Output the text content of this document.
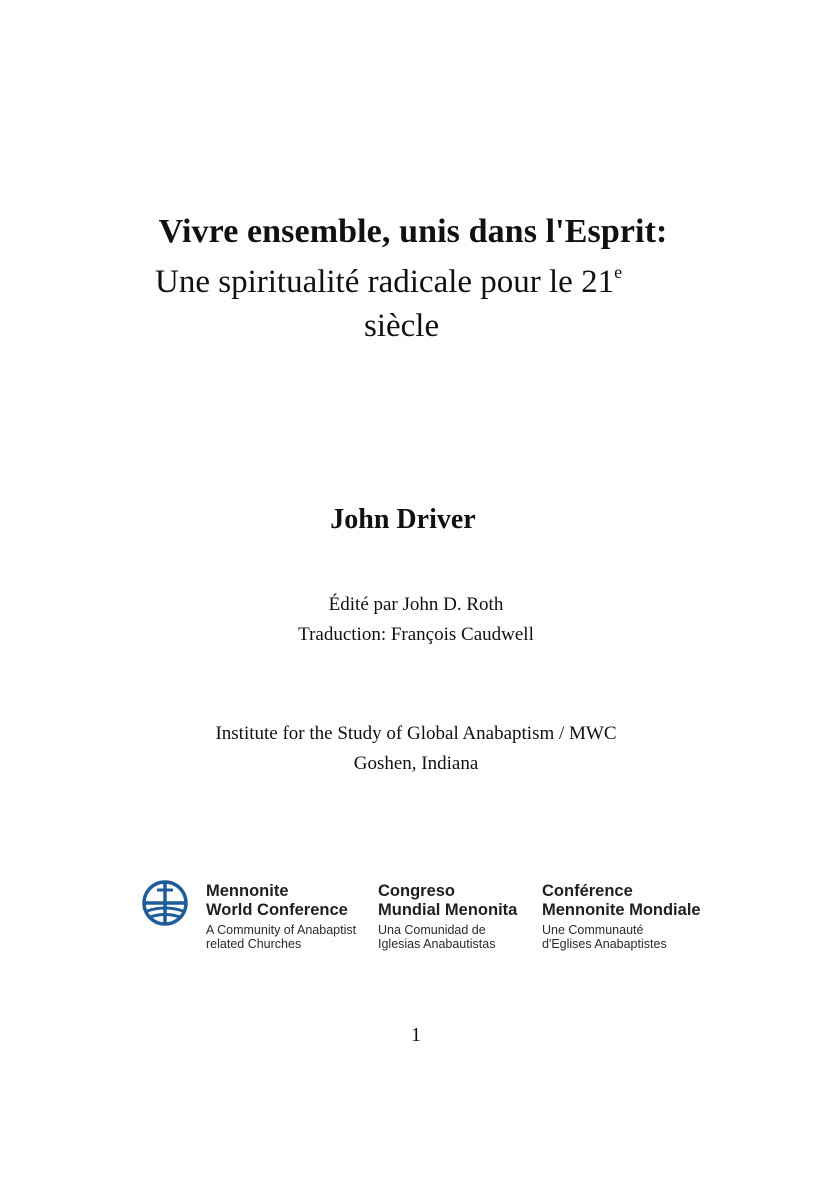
Vivre ensemble, unis dans l'Esprit:
Une spiritualité radicale pour le 21e
siècle
John Driver
Édité par John D. Roth
Traduction: François Caudwell
Institute for the Study of Global Anabaptism / MWC
Goshen, Indiana
Mennonite
World Conference
A Community of Anabaptist
related Churches
Congreso
Mundial Menonita
Una Comunidad de
Iglesias Anabautistas
Conférence
Mennonite Mondiale
Une Communauté
d'Eglises Anabaptistes
1
